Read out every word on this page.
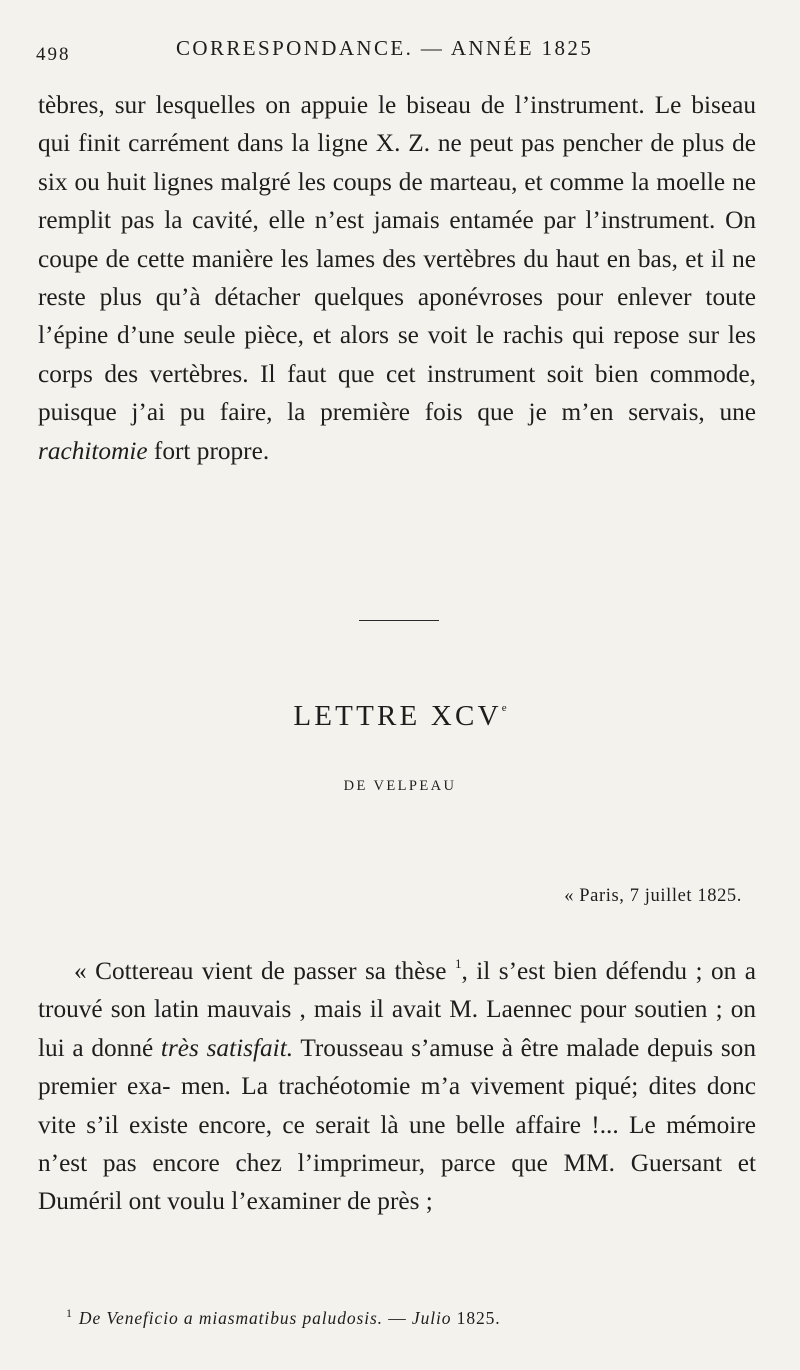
498	CORRESPONDANCE. — ANNÉE 1825
tèbres, sur lesquelles on appuie le biseau de l’instrument. Le biseau qui finit carrément dans la ligne X. Z. ne peut pas pencher de plus de six ou huit lignes malgré les coups de marteau, et comme la moelle ne remplit pas la cavité, elle n’est jamais entamée par l’instrument. On coupe de cette manière les lames des vertèbres du haut en bas, et il ne reste plus qu’à détacher quelques aponévroses pour enlever toute l’épine d’une seule pièce, et alors se voit le rachis qui repose sur les corps des vertèbres. Il faut que cet instrument soit bien commode, puisque j’ai pu faire, la première fois que je m’en servais, une rachitomie fort propre.
LETTRE XCVe
DE VELPEAU
« Paris, 7 juillet 1825.
« Cottereau vient de passer sa thèse $^1$, il s’est bien défendu ; on a trouvé son latin mauvais , mais il avait M. Laennec pour soutien ; on lui a donné très satisfait. Trousseau s’amuse à être malade depuis son premier exa- men. La trachéotomie m’a vivement piqué; dites donc vite s’il existe encore, ce serait là une belle affaire !... Le mémoire n’est pas encore chez l’imprimeur, parce que MM. Guersant et Duméril ont voulu l’examiner de près ;
$^1$ De Veneficio a miasmatibus paludosis. — Julio 1825.
